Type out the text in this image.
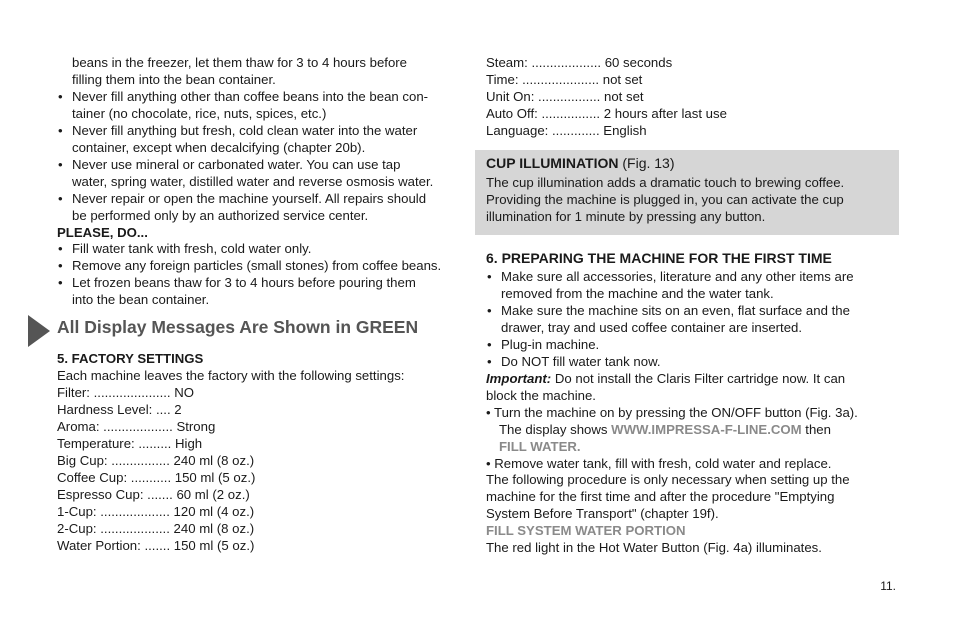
beans in the freezer, let them thaw for 3 to 4 hours before
filling them into the bean container.
• Never fill anything other than coffee beans into the bean con-
tainer (no chocolate, rice, nuts, spices, etc.)
• Never fill anything but fresh, cold clean water into the water
container, except when decalcifying (chapter 20b).
• Never use mineral or carbonated water. You can use tap
water, spring water, distilled water and reverse osmosis water.
• Never repair or open the machine yourself. All repairs should
be performed only by an authorized service center.
PLEASE, DO...
• Fill water tank with fresh, cold water only.
• Remove any foreign particles (small stones) from coffee beans.
• Let frozen beans thaw for 3 to 4 hours before pouring them
into the bean container.
All Display Messages Are Shown in GREEN
5. FACTORY SETTINGS
Each machine leaves the factory with the following settings:
Filter: ..................... NO
Hardness Level: .... 2
Aroma: ................... Strong
Temperature: ......... High
Big Cup: ................ 240 ml (8 oz.)
Coffee Cup: ........... 150 ml (5 oz.)
Espresso Cup: ....... 60 ml (2 oz.)
1-Cup: ................... 120 ml (4 oz.)
2-Cup: ................... 240 ml (8 oz.)
Water Portion: ....... 150 ml (5 oz.)
Steam: ................... 60 seconds
Time: ..................... not set
Unit On: ................. not set
Auto Off: ................ 2 hours after last use
Language: ............. English
CUP ILLUMINATION (Fig. 13)
The cup illumination adds a dramatic touch to brewing coffee.
Providing the machine is plugged in, you can activate the cup
illumination for 1 minute by pressing any button.
6. PREPARING THE MACHINE FOR THE FIRST TIME
• Make sure all accessories, literature and any other items are
removed from the machine and the water tank.
• Make sure the machine sits on an even, flat surface and the
drawer, tray and used coffee container are inserted.
• Plug-in machine.
• Do NOT fill water tank now.
Important: Do not install the Claris Filter cartridge now. It can
block the machine.
• Turn the machine on by pressing the ON/OFF button (Fig. 3a).
The display shows WWW.IMPRESSA-F-LINE.COM then
FILL WATER.
• Remove water tank, fill with fresh, cold water and replace.
The following procedure is only necessary when setting up the
machine for the first time and after the procedure "Emptying
System Before Transport" (chapter 19f).
FILL SYSTEM WATER PORTION
The red light in the Hot Water Button (Fig. 4a) illuminates.
11.
